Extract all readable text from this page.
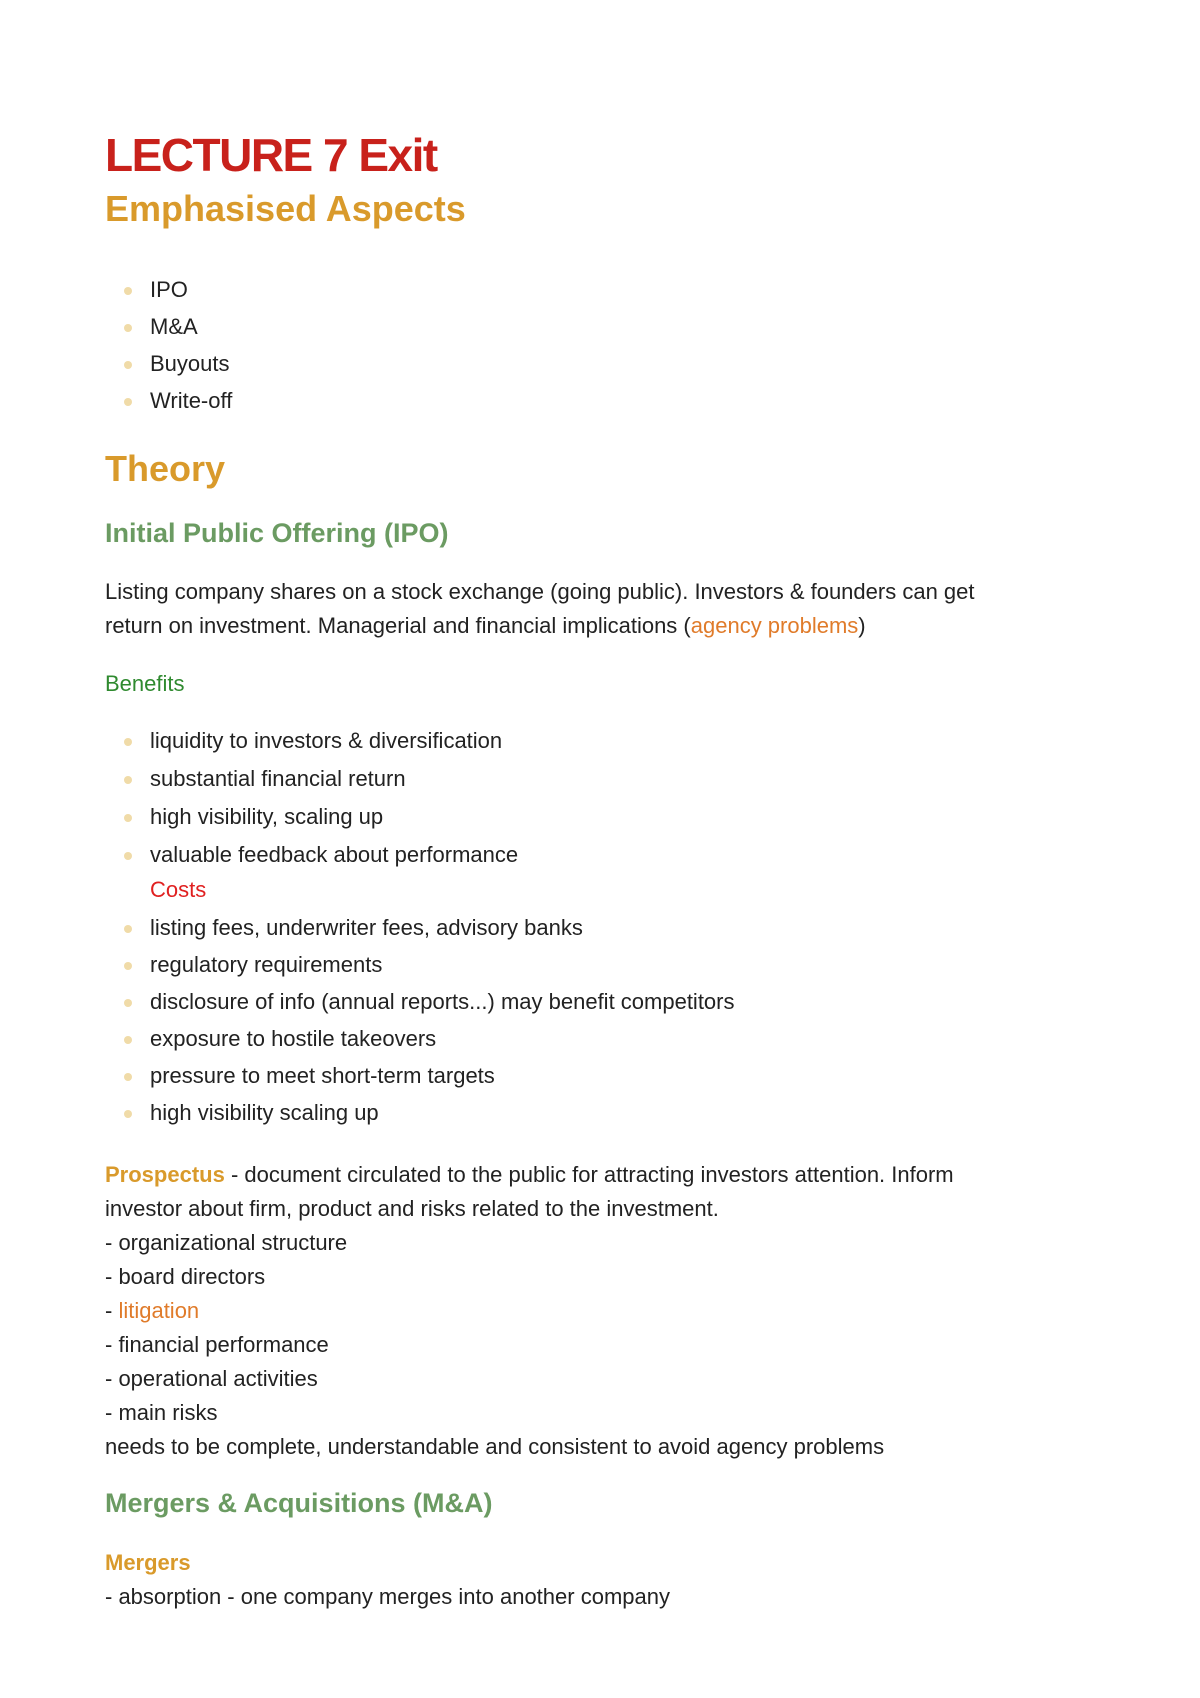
LECTURE 7 Exit
Emphasised Aspects
IPO
M&A
Buyouts
Write-off
Theory
Initial Public Offering (IPO)
Listing company shares on a stock exchange (going public). Investors & founders can get
return on investment. Managerial and financial implications (agency problems)
Benefits
liquidity to investors & diversification
substantial financial return
high visibility, scaling up
valuable feedback about performance
Costs
listing fees, underwriter fees, advisory banks
regulatory requirements
disclosure of info (annual reports...) may benefit competitors
exposure to hostile takeovers
pressure to meet short-term targets
high visibility scaling up
Prospectus - document circulated to the public for attracting investors attention. Inform
investor about firm, product and risks related to the investment.
- organizational structure
- board directors
- litigation
- financial performance
- operational activities
- main risks
needs to be complete, understandable and consistent to avoid agency problems
Mergers & Acquisitions (M&A)
Mergers
- absorption - one company merges into another company
